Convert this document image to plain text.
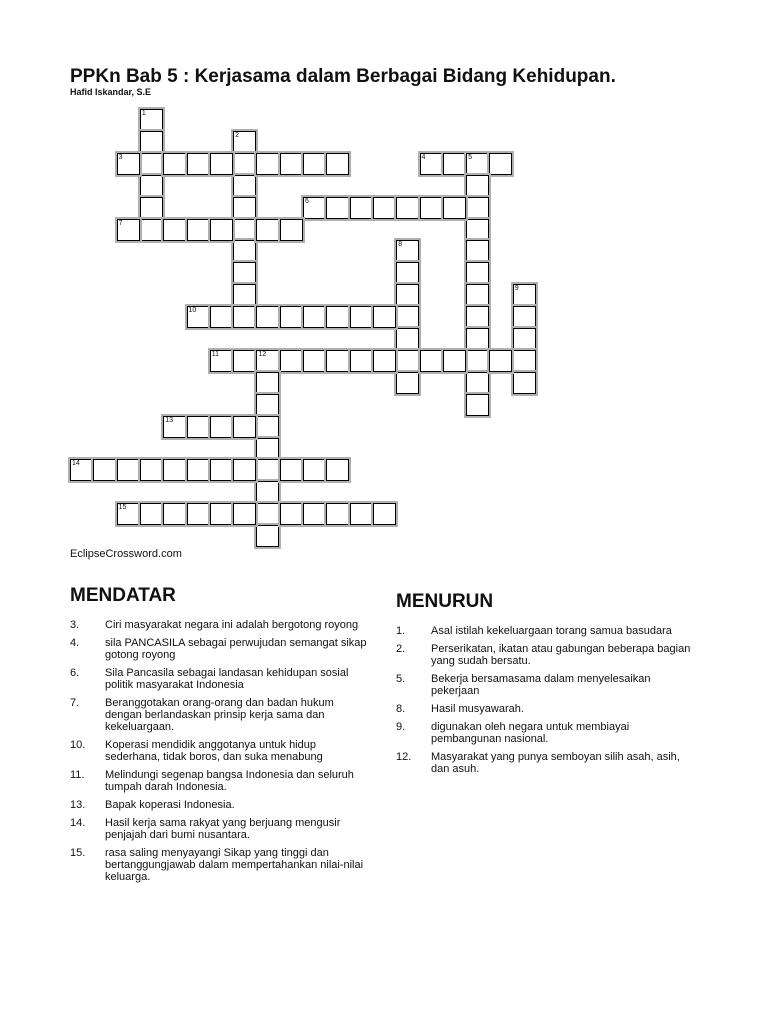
PPKn Bab 5 : Kerjasama dalam Berbagai Bidang Kehidupan.
Hafid Iskandar, S.E
1
2
3	4	5
6
7
8
9
10
11	12
13
14
15
EclipseCrossword.com
MENDATAR
3.	Ciri masyarakat negara ini adalah bergotong royong
4.	sila PANCASILA sebagai perwujudan semangat sikap gotong royong
6.	Sila Pancasila sebagai landasan kehidupan sosial politik masyarakat Indonesia
7.	Beranggotakan orang-orang dan badan hukum dengan berlandaskan prinsip kerja sama dan kekeluargaan.
10.	Koperasi mendidik anggotanya untuk hidup sederhana, tidak boros, dan suka menabung
11.	Melindungi segenap bangsa Indonesia dan seluruh tumpah darah Indonesia.
13.	Bapak koperasi Indonesia.
14.	Hasil kerja sama rakyat yang berjuang mengusir penjajah dari bumi nusantara.
15.	rasa saling menyayangi Sikap yang tinggi dan bertanggungjawab dalam mempertahankan nilai-nilai keluarga.
MENURUN
1.	Asal istilah kekeluargaan torang samua basudara
2.	Perserikatan, ikatan atau gabungan beberapa bagian yang sudah bersatu.
5.	Bekerja bersamasama dalam menyelesaikan pekerjaan
8.	Hasil musyawarah.
9.	digunakan oleh negara untuk membiayai pembangunan nasional.
12.	Masyarakat yang punya semboyan silih asah, asih, dan asuh.
